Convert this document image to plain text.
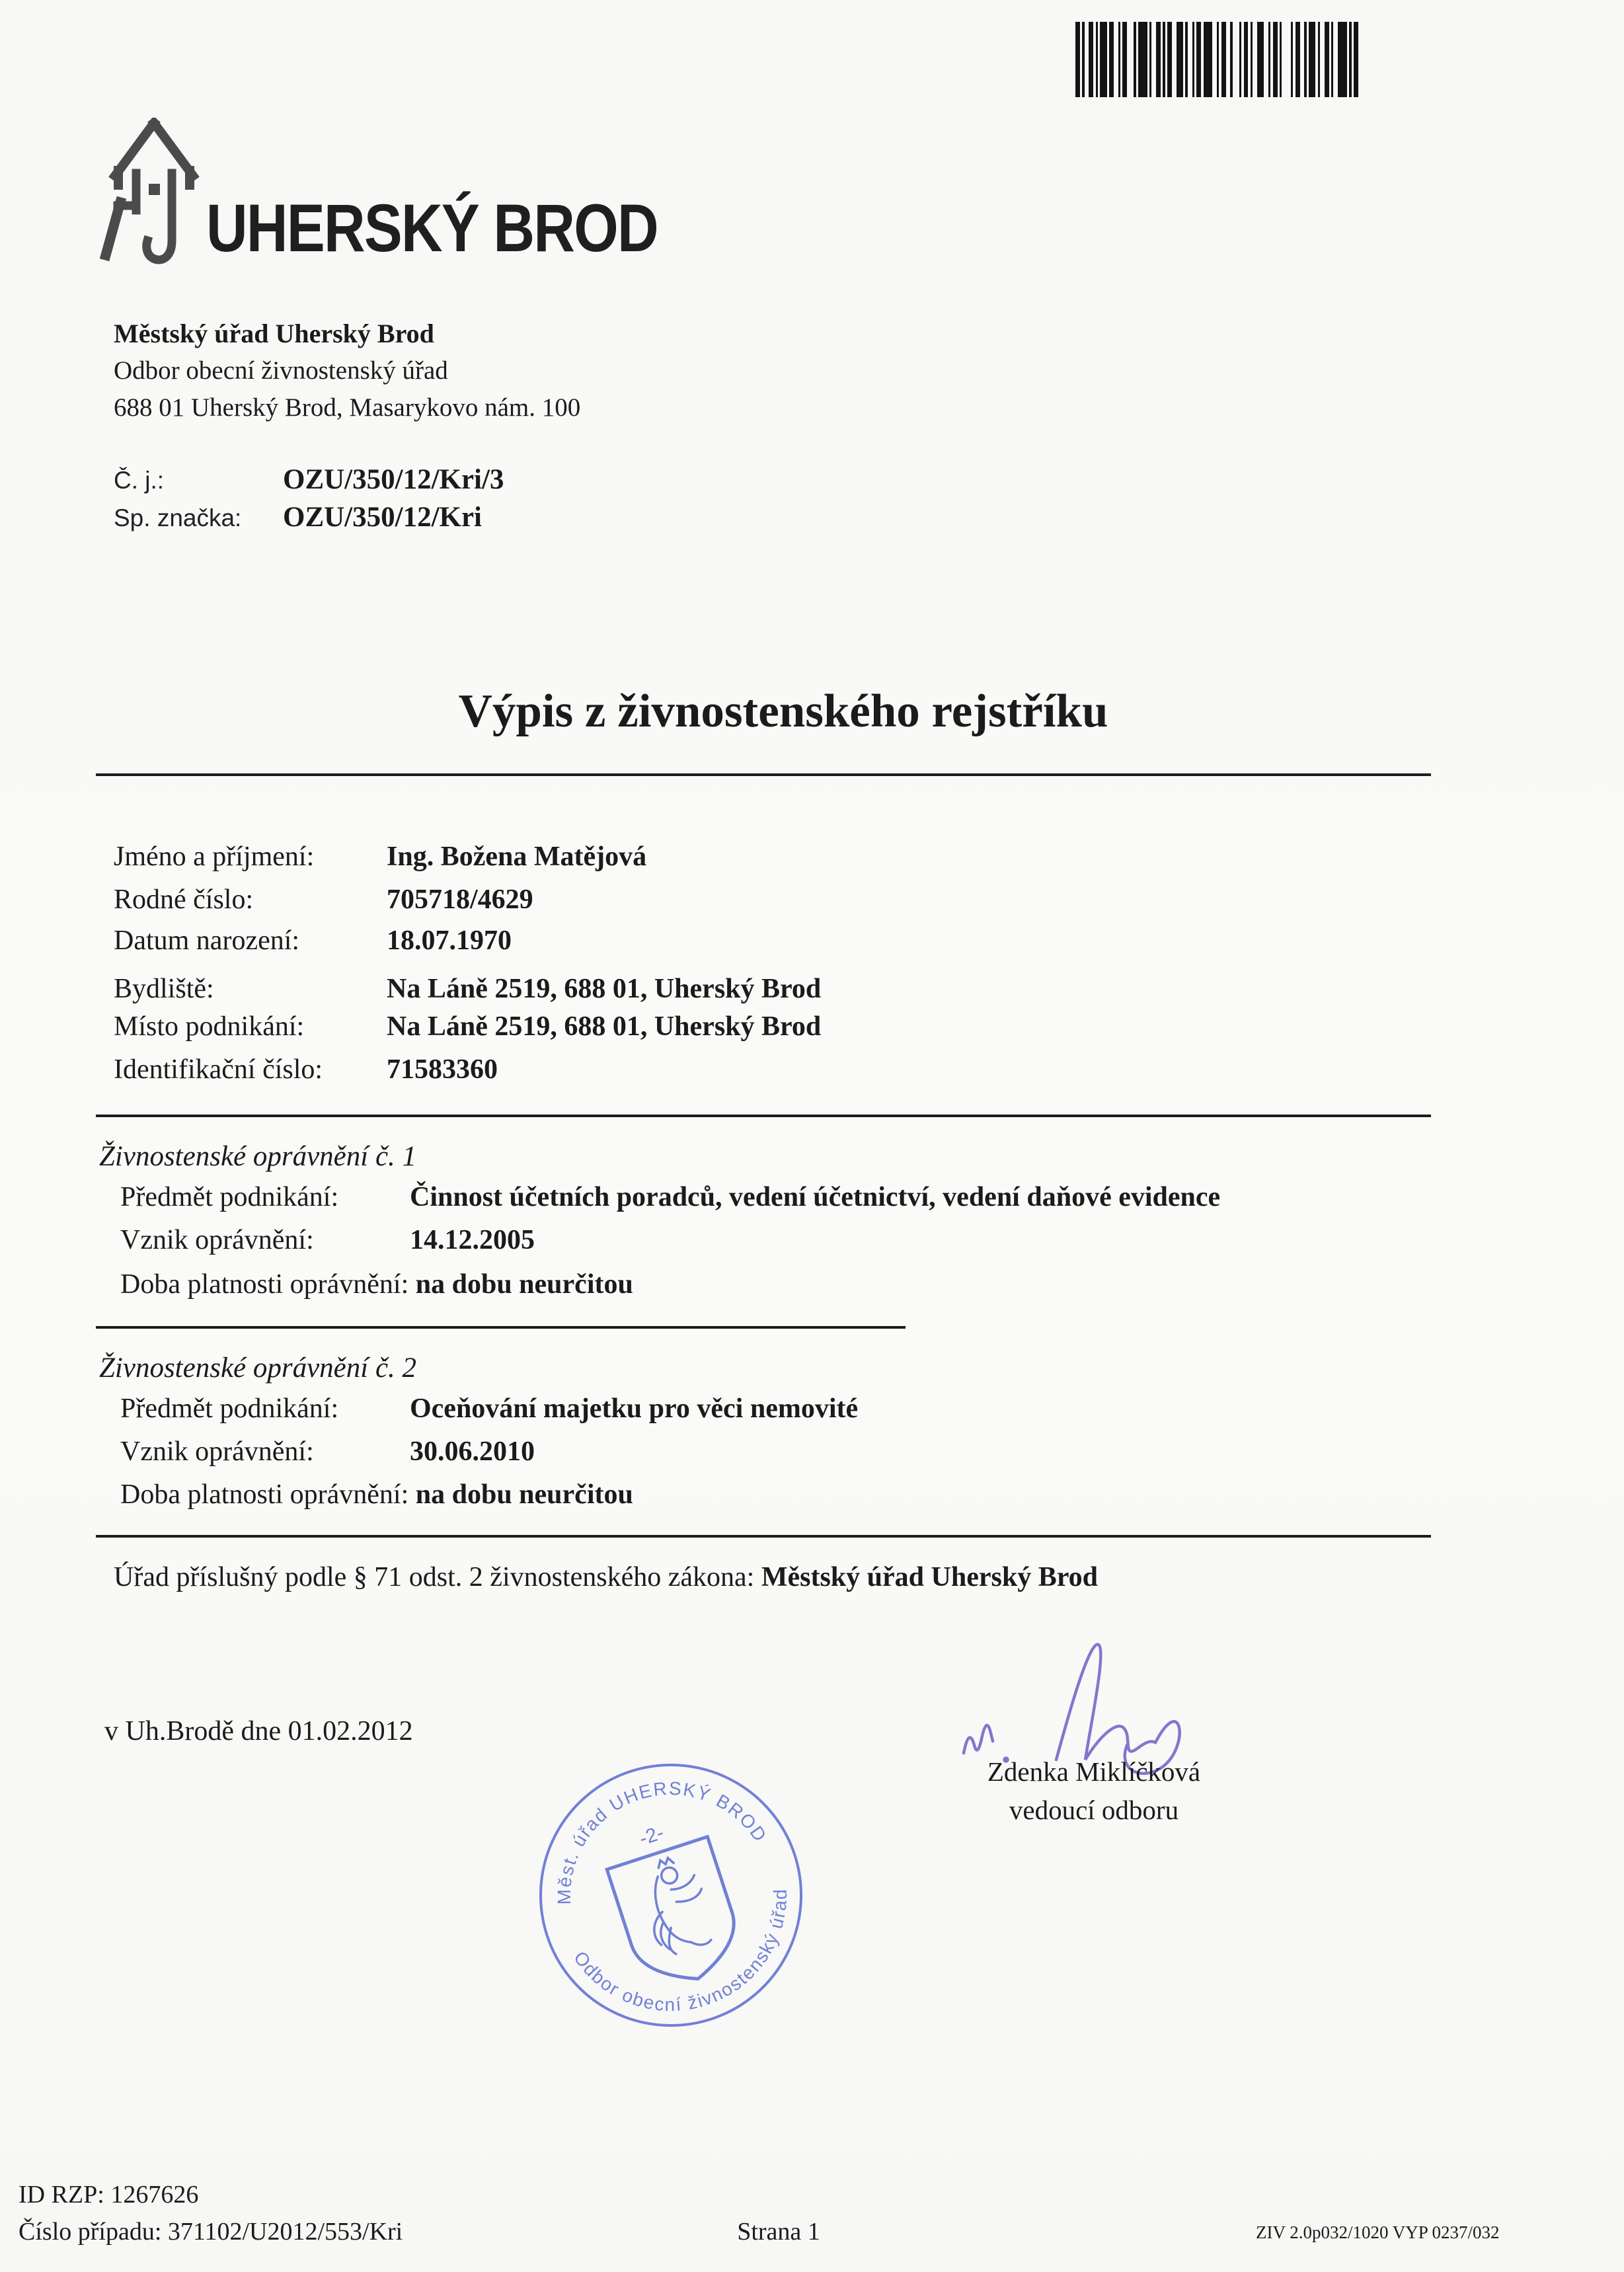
UHERSKÝ BROD
Městský úřad Uherský Brod
Odbor obecní živnostenský úřad
688 01 Uherský Brod, Masarykovo nám. 100
Č. j.:	OZU/350/12/Kri/3
Sp. značka: OZU/350/12/Kri
Výpis z živnostenského rejstříku
Jméno a příjmení:	Ing. Božena Matějová
Rodné číslo:	705718/4629
Datum narození:	18.07.1970
Bydliště:	Na Láně 2519, 688 01, Uherský Brod
Místo podnikání:	Na Láně 2519, 688 01, Uherský Brod
Identifikační číslo: 71583360
Živnostenské oprávnění č. 1
Předmět podnikání:	Činnost účetních poradců, vedení účetnictví, vedení daňové evidence
Vznik oprávnění:	14.12.2005
Doba platnosti oprávnění: na dobu neurčitou
Živnostenské oprávnění č. 2
Předmět podnikání:	Oceňování majetku pro věci nemovité
Vznik oprávnění:	30.06.2010
Doba platnosti oprávnění: na dobu neurčitou
Úřad příslušný podle § 71 odst. 2 živnostenského zákona: Městský úřad Uherský Brod
v Uh.Brodě dne 01.02.2012
Zdenka Miklíčková
vedoucí odboru
Měst. úřad UHERSKÝ BROD
Odbor obecní živnostenský úřad
-2-
ID RZP: 1267626
Číslo případu: 371102/U2012/553/Kri	Strana 1	ZIV 2.0p032/1020 VYP 0237/032
